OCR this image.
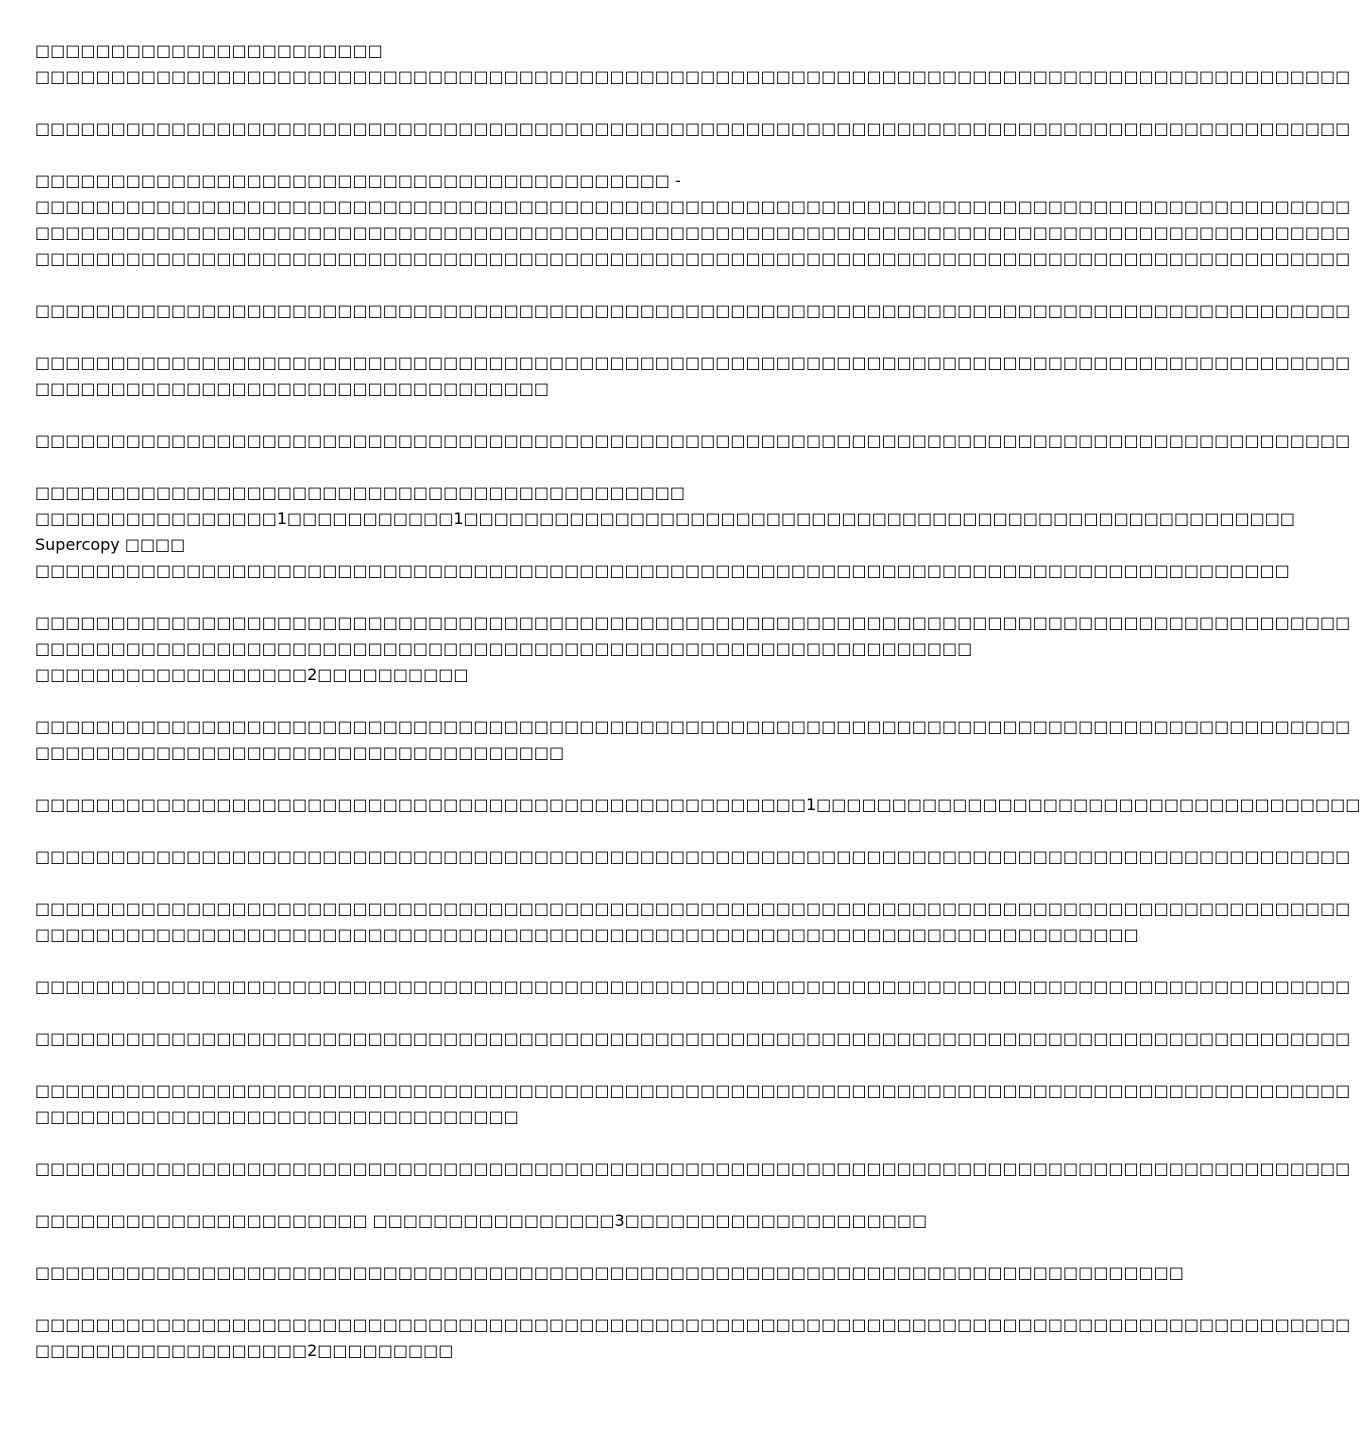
□□□□□□□□□□□□□□□□□□□□□□□
□□□□□□□□□□□□□□□□□□□□□□□□□□□□□□□□□□□□□□□□□□□□□□□□□□□□□□□□□□□□□□□□□□□□□□□□□□□□□□□□□□□□□□□
□□□□□□□□□□□□□□□□□□□□□□□□□□□□□□□□□□□□□□□□□□□□□□□□□□□□□□□□□□□□□□□□□□□□□□□□□□□□□□□□□□□□□□□
□□□□□□□□□□□□□□□□□□□□□□□□□□□□□□□□□□□□□□□□□□ -
□□□□□□□□□□□□□□□□□□□□□□□□□□□□□□□□□□□□□□□□□□□□□□□□□□□□□□□□□□□□□□□□□□□□□□□□□□□□□□□□□□□□□□□
□□□□□□□□□□□□□□□□□□□□□□□□□□□□□□□□□□□□□□□□□□□□□□□□□□□□□□□□□□□□□□□□□□□□□□□□□□□□□□□□□□□□□□□
□□□□□□□□□□□□□□□□□□□□□□□□□□□□□□□□□□□□□□□□□□□□□□□□□□□□□□□□□□□□□□□□□□□□□□□□□□□□□□□□□□□□□□□
□□□□□□□□□□□□□□□□□□□□□□□□□□□□□□□□□□□□□□□□□□□□□□□□□□□□□□□□□□□□□□□□□□□□□□□□□□□□□□□□□□□□□□□
□□□□□□□□□□□□□□□□□□□□□□□□□□□□□□□□□□□□□□□□□□□□□□□□□□□□□□□□□□□□□□□□□□□□□□□□□□□□□□□□□□□□□□□
□□□□□□□□□□□□□□□□□□□□□□□□□□□□□□□□□□
□□□□□□□□□□□□□□□□□□□□□□□□□□□□□□□□□□□□□□□□□□□□□□□□□□□□□□□□□□□□□□□□□□□□□□□□□□□□□□□□□□□□□□□
□□□□□□□□□□□□□□□□□□□□□□□□□□□□□□□□□□□□□□□□□□□
□□□□□□□□□□□□□□□□1□□□□□□□□□□□1□□□□□□□□□□□□□□□□□□□□□□□□□□□□□□□□□□□□□□□□□□□□□□□□□□□□□□□
Supercopy □□□□
□□□□□□□□□□□□□□□□□□□□□□□□□□□□□□□□□□□□□□□□□□□□□□□□□□□□□□□□□□□□□□□□□□□□□□□□□□□□□□□□□□□
□□□□□□□□□□□□□□□□□□□□□□□□□□□□□□□□□□□□□□□□□□□□□□□□□□□□□□□□□□□□□□□□□□□□□□□□□□□□□□□□□□□□□□□
□□□□□□□□□□□□□□□□□□□□□□□□□□□□□□□□□□□□□□□□□□□□□□□□□□□□□□□□□□□□□□
□□□□□□□□□□□□□□□□□□2□□□□□□□□□□
□□□□□□□□□□□□□□□□□□□□□□□□□□□□□□□□□□□□□□□□□□□□□□□□□□□□□□□□□□□□□□□□□□□□□□□□□□□□□□□□□□□□□□□
□□□□□□□□□□□□□□□□□□□□□□□□□□□□□□□□□□□
□□□□□□□□□□□□□□□□□□□□□□□□□□□□□□□□□□□□□□□□□□□□□□□□□□□1□□□□□□□□□□□□□□□□□□□□□□□□□□□□□□□□□□□□
□□□□□□□□□□□□□□□□□□□□□□□□□□□□□□□□□□□□□□□□□□□□□□□□□□□□□□□□□□□□□□□□□□□□□□□□□□□□□□□□□□□□□□□
□□□□□□□□□□□□□□□□□□□□□□□□□□□□□□□□□□□□□□□□□□□□□□□□□□□□□□□□□□□□□□□□□□□□□□□□□□□□□□□□□□□□□□□
□□□□□□□□□□□□□□□□□□□□□□□□□□□□□□□□□□□□□□□□□□□□□□□□□□□□□□□□□□□□□□□□□□□□□□□□□
□□□□□□□□□□□□□□□□□□□□□□□□□□□□□□□□□□□□□□□□□□□□□□□□□□□□□□□□□□□□□□□□□□□□□□□□□□□□□□□□□□□□□□□
□□□□□□□□□□□□□□□□□□□□□□□□□□□□□□□□□□□□□□□□□□□□□□□□□□□□□□□□□□□□□□□□□□□□□□□□□□□□□□□□□□□□□□□
□□□□□□□□□□□□□□□□□□□□□□□□□□□□□□□□□□□□□□□□□□□□□□□□□□□□□□□□□□□□□□□□□□□□□□□□□□□□□□□□□□□□□□□
□□□□□□□□□□□□□□□□□□□□□□□□□□□□□□□□
□□□□□□□□□□□□□□□□□□□□□□□□□□□□□□□□□□□□□□□□□□□□□□□□□□□□□□□□□□□□□□□□□□□□□□□□□□□□□□□□□□□□□□□
□□□□□□□□□□□□□□□□□□□□□□ □□□□□□□□□□□□□□□□3□□□□□□□□□□□□□□□□□□□□
□□□□□□□□□□□□□□□□□□□□□□□□□□□□□□□□□□□□□□□□□□□□□□□□□□□□□□□□□□□□□□□□□□□□□□□□□□□□
□□□□□□□□□□□□□□□□□□□□□□□□□□□□□□□□□□□□□□□□□□□□□□□□□□□□□□□□□□□□□□□□□□□□□□□□□□□□□□□□□□□□□□□
□□□□□□□□□□□□□□□□□□2□□□□□□□□□
